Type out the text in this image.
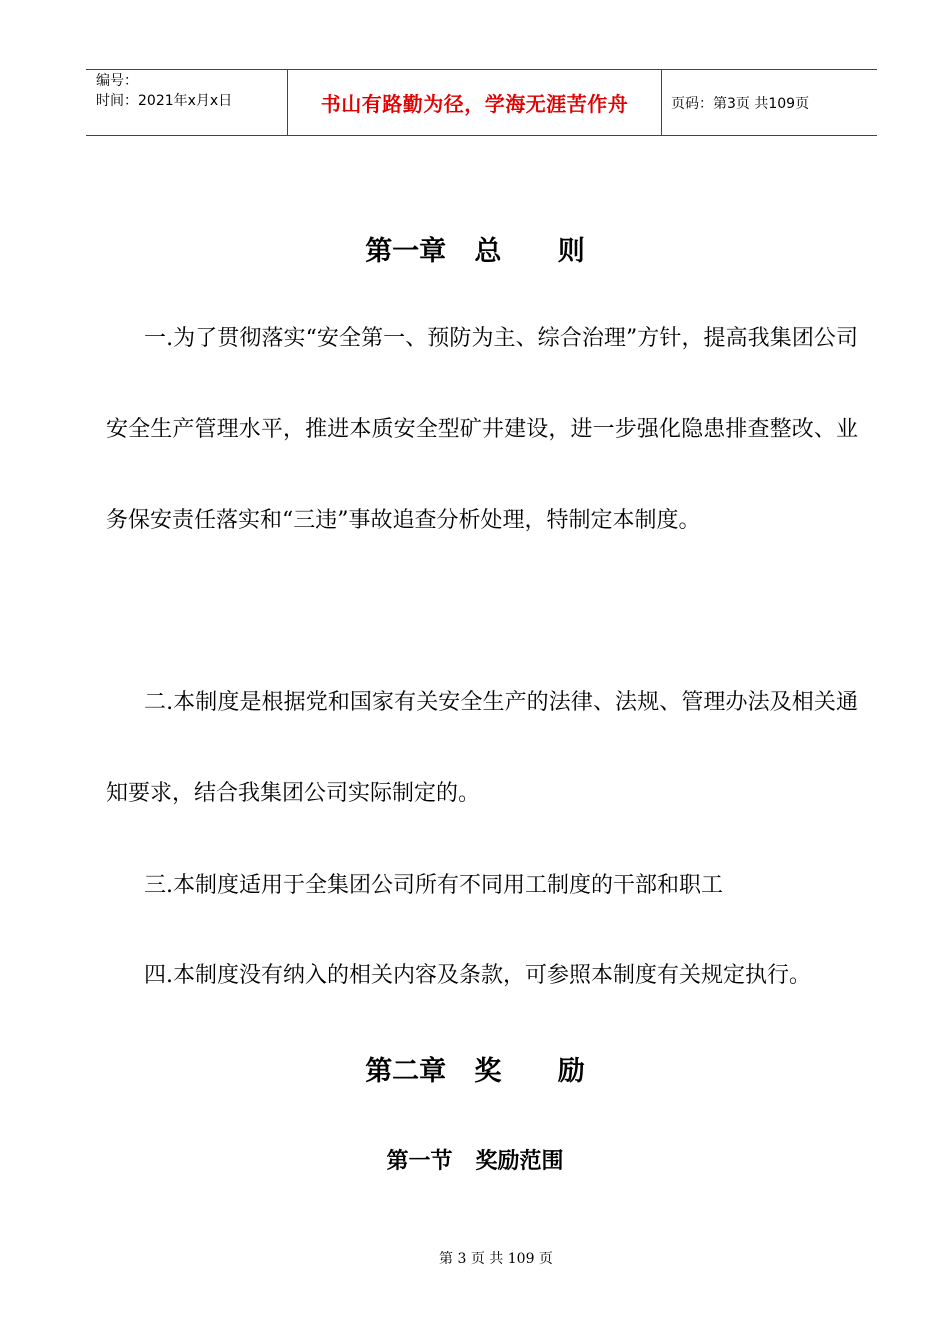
编号：
时间：2021年x月x日	书山有路勤为径，学海无涯苦作舟	页码：第3页 共109页
第一章   总      则

一.为了贯彻落实“安全第一、预防为主、综合治理”方针，提高我集团公司安全生产管理水平，推进本质安全型矿井建设，进一步强化隐患排查整改、业务保安责任落实和“三违”事故追查分析处理，特制定本制度。

二.本制度是根据党和国家有关安全生产的法律、法规、管理办法及相关通知要求，结合我集团公司实际制定的。

三.本制度适用于全集团公司所有不同用工制度的干部和职工

四.本制度没有纳入的相关内容及条款，可参照本制度有关规定执行。

第二章   奖      励
第一节   奖励范围
第 3 页 共 109 页
